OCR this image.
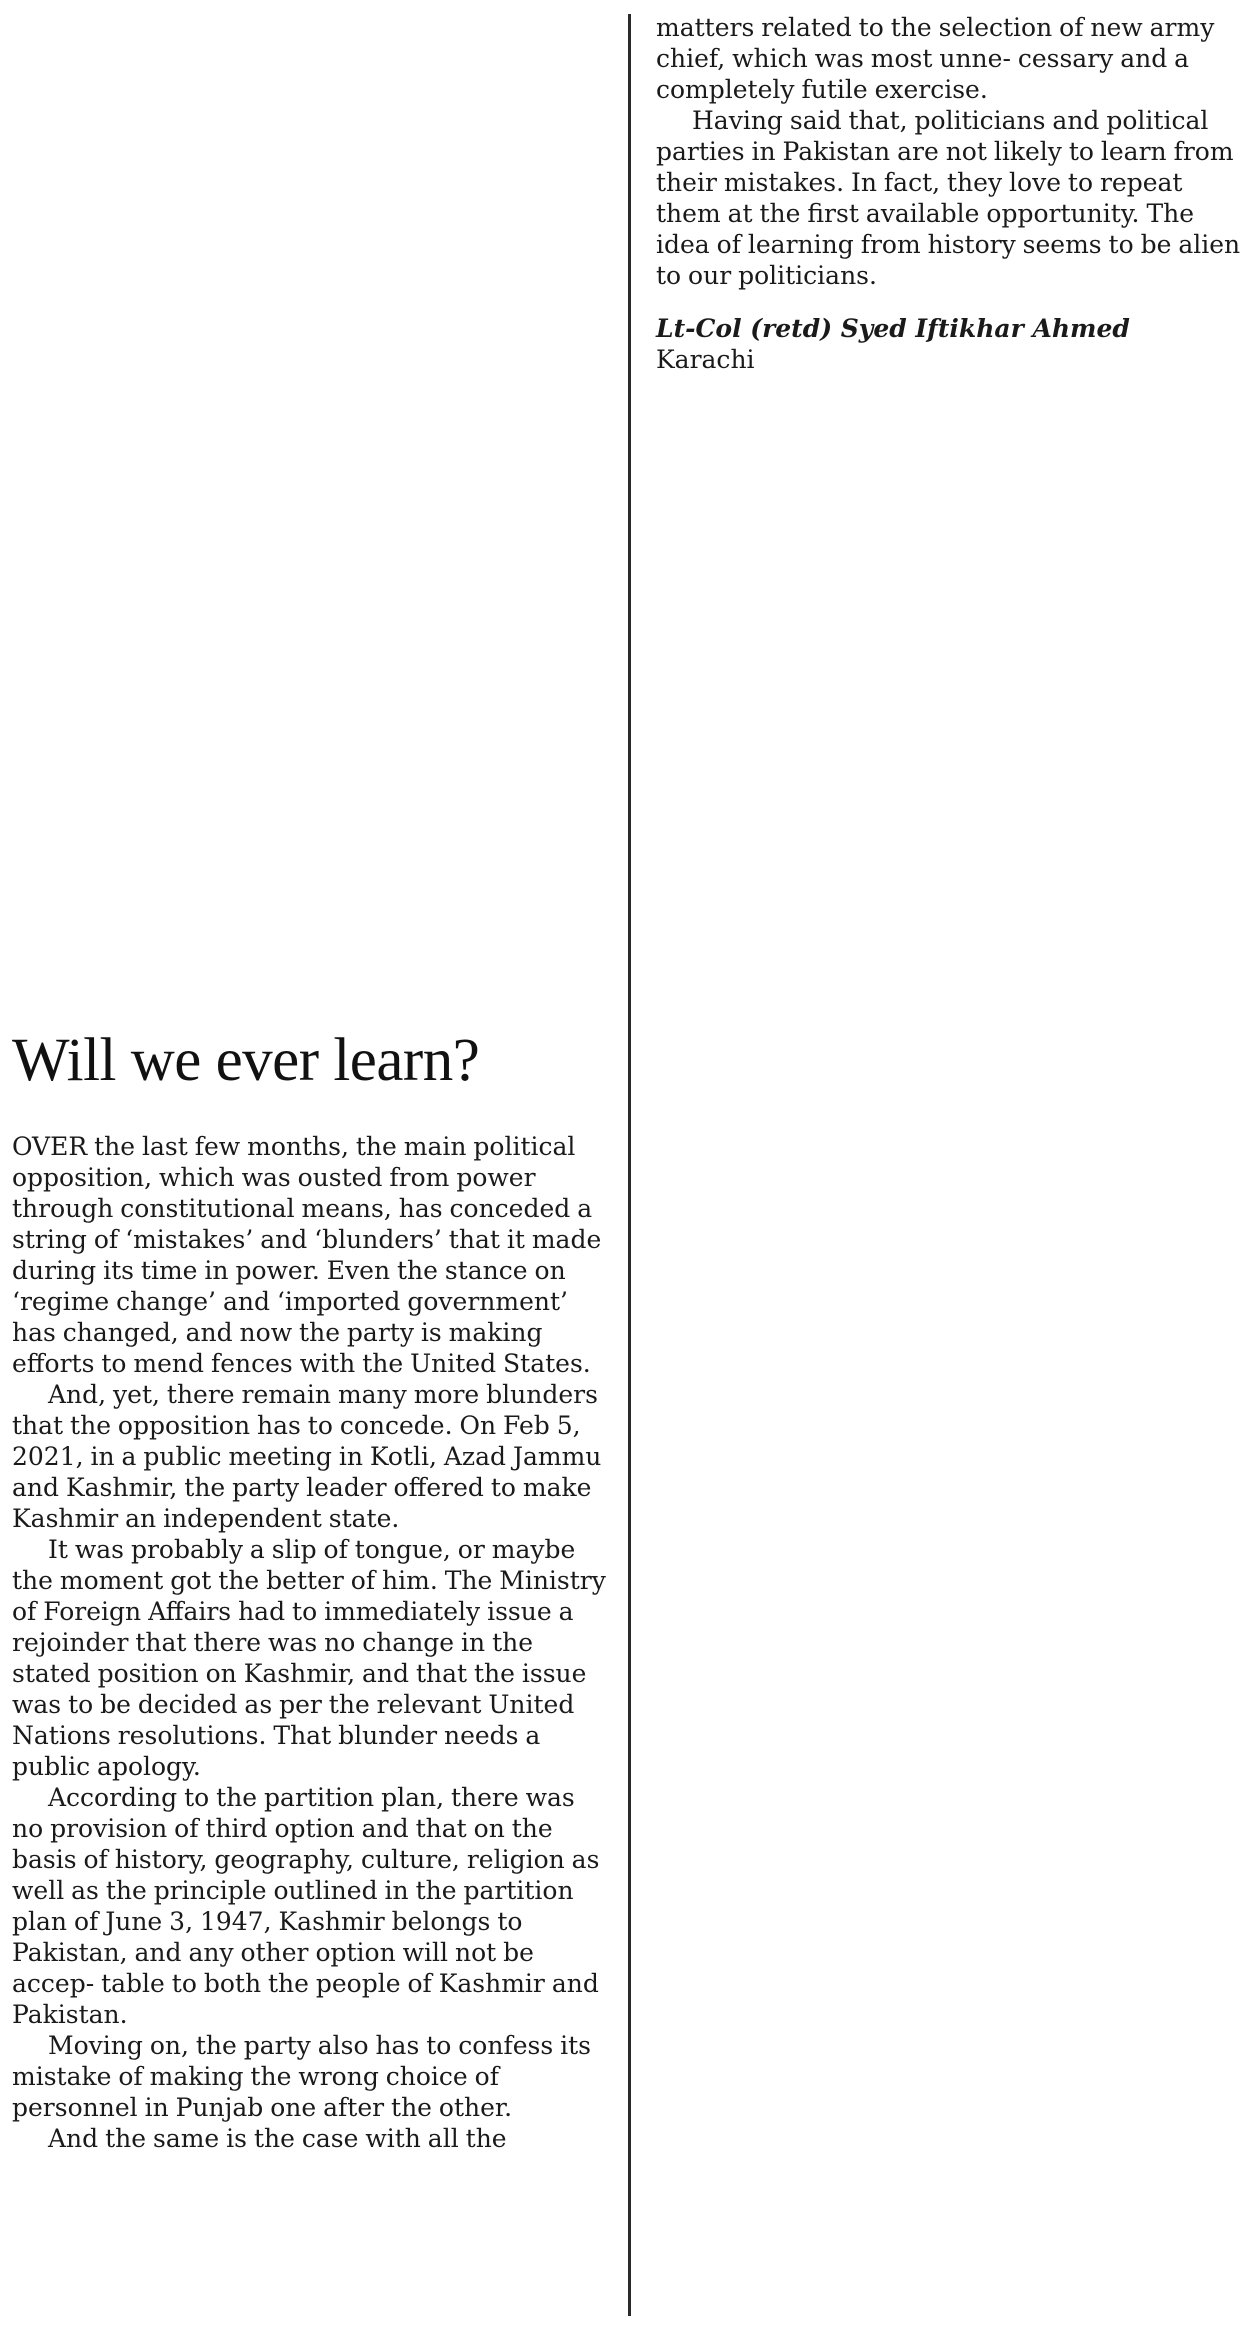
Will we ever learn?

OVER the last few months, the main political opposition, which was ousted from power through constitutional means, has conceded a string of ‘mistakes’ and ‘blunders’ that it made during its time in power. Even the stance on ‘regime change’ and ‘imported government’ has changed, and now the party is making efforts to mend fences with the United States.

And, yet, there remain many more blunders that the opposition has to concede. On Feb 5, 2021, in a public meeting in Kotli, Azad Jammu and Kashmir, the party leader offered to make Kashmir an independent state.

It was probably a slip of tongue, or maybe the moment got the better of him. The Ministry of Foreign Affairs had to immediately issue a rejoinder that there was no change in the stated position on Kashmir, and that the issue was to be decided as per the relevant United Nations resolutions. That blunder needs a public apology.

According to the partition plan, there was no provision of third option and that on the basis of history, geography, culture, religion as well as the principle outlined in the partition plan of June 3, 1947, Kashmir belongs to Pakistan, and any other option will not be accep- table to both the people of Kashmir and Pakistan.

Moving on, the party also has to confess its mistake of making the wrong choice of personnel in Punjab one after the other.

And the same is the case with all the

matters related to the selection of new army chief, which was most unne- cessary and a completely futile exercise.

Having said that, politicians and political parties in Pakistan are not likely to learn from their mistakes. In fact, they love to repeat them at the first available opportunity. The idea of learning from history seems to be alien to our politicians.

Lt-Col (retd) Syed Iftikhar Ahmed

Karachi
